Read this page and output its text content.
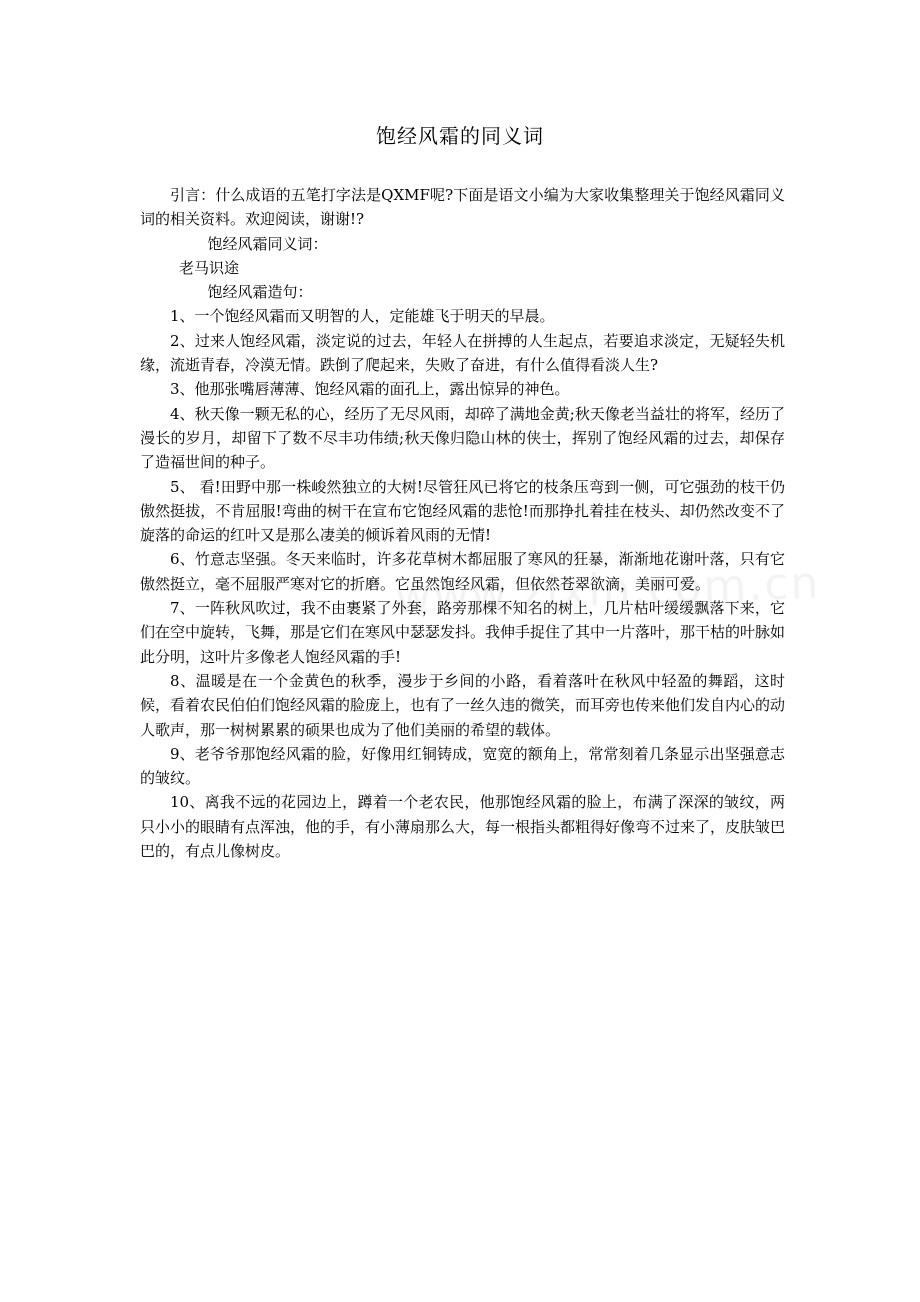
饱经风霜的同义词

引言：什么成语的五笔打字法是QXMF呢?下面是语文小编为大家收集整理关于饱经风霜同义词的相关资料。欢迎阅读，谢谢!?

饱经风霜同义词：

老马识途

饱经风霜造句：

1、一个饱经风霜而又明智的人，定能雄飞于明天的早晨。

2、过来人饱经风霜，淡定说的过去，年轻人在拼搏的人生起点，若要追求淡定，无疑轻失机缘，流逝青春，冷漠无情。跌倒了爬起来，失败了奋进，有什么值得看淡人生?

3、他那张嘴唇薄薄、饱经风霜的面孔上，露出惊异的神色。

4、秋天像一颗无私的心，经历了无尽风雨，却碎了满地金黄;秋天像老当益壮的将军，经历了漫长的岁月，却留下了数不尽丰功伟绩;秋天像归隐山林的侠士，挥别了饱经风霜的过去，却保存了造福世间的种子。

5、 看!田野中那一株峻然独立的大树!尽管狂风已将它的枝条压弯到一侧，可它强劲的枝干仍傲然挺拔，不肯屈服!弯曲的树干在宣布它饱经风霜的悲怆!而那挣扎着挂在枝头、却仍然改变不了旋落的命运的红叶又是那么凄美的倾诉着风雨的无情!

6、竹意志坚强。冬天来临时，许多花草树木都屈服了寒风的狂暴，渐渐地花谢叶落，只有它傲然挺立，毫不屈服严寒对它的折磨。它虽然饱经风霜，但依然苍翠欲滴，美丽可爱。

7、一阵秋风吹过，我不由裹紧了外套，路旁那棵不知名的树上，几片枯叶缓缓飘落下来，它们在空中旋转，飞舞，那是它们在寒风中瑟瑟发抖。我伸手捉住了其中一片落叶，那干枯的叶脉如此分明，这叶片多像老人饱经风霜的手!

8、温暖是在一个金黄色的秋季，漫步于乡间的小路，看着落叶在秋风中轻盈的舞蹈，这时候，看着农民伯伯们饱经风霜的脸庞上，也有了一丝久违的微笑，而耳旁也传来他们发自内心的动人歌声，那一树树累累的硕果也成为了他们美丽的希望的载体。

9、老爷爷那饱经风霜的脸，好像用红铜铸成，宽宽的额角上，常常刻着几条显示出坚强意志的皱纹。

10、离我不远的花园边上，蹲着一个老农民，他那饱经风霜的脸上，布满了深深的皱纹，两只小小的眼睛有点浑浊，他的手，有小薄扇那么大，每一根指头都粗得好像弯不过来了，皮肤皱巴巴的，有点儿像树皮。
